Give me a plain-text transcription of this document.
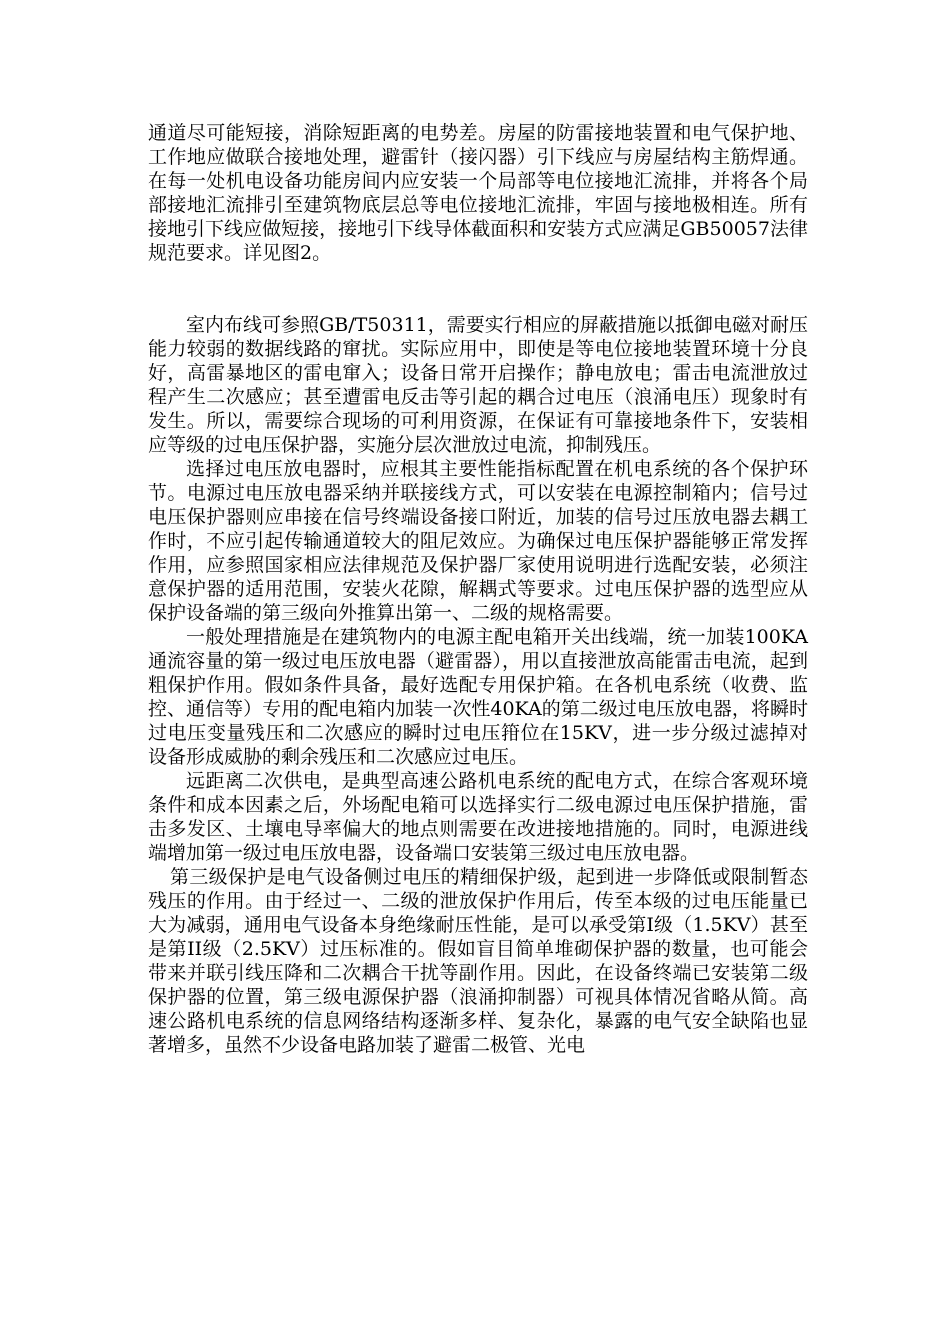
通道尽可能短接，消除短距离的电势差。房屋的防雷接地装置和电气保护地、工作地应做联合接地处理，避雷针（接闪器）引下线应与房屋结构主筋焊通。在每一处机电设备功能房间内应安装一个局部等电位接地汇流排，并将各个局部接地汇流排引至建筑物底层总等电位接地汇流排，牢固与接地极相连。所有接地引下线应做短接，接地引下线导体截面积和安装方式应满足GB50057法律规范要求。详见图2。

室内布线可参照GB/T50311，需要实行相应的屏蔽措施以抵御电磁对耐压能力较弱的数据线路的窜扰。实际应用中，即使是等电位接地装置环境十分良好，高雷暴地区的雷电窜入；设备日常开启操作；静电放电；雷击电流泄放过程产生二次感应；甚至遭雷电反击等引起的耦合过电压（浪涌电压）现象时有发生。所以，需要综合现场的可利用资源，在保证有可靠接地条件下，安装相应等级的过电压保护器，实施分层次泄放过电流，抑制残压。

选择过电压放电器时，应根其主要性能指标配置在机电系统的各个保护环节。电源过电压放电器采纳并联接线方式，可以安装在电源控制箱内；信号过电压保护器则应串接在信号终端设备接口附近，加装的信号过压放电器去耦工作时，不应引起传输通道较大的阻尼效应。为确保过电压保护器能够正常发挥作用，应参照国家相应法律规范及保护器厂家使用说明进行选配安装，必须注意保护器的适用范围，安装火花隙，解耦式等要求。过电压保护器的选型应从保护设备端的第三级向外推算出第一、二级的规格需要。

一般处理措施是在建筑物内的电源主配电箱开关出线端，统一加装100KA通流容量的第一级过电压放电器（避雷器），用以直接泄放高能雷击电流，起到粗保护作用。假如条件具备，最好选配专用保护箱。在各机电系统（收费、监控、通信等）专用的配电箱内加装一次性40KA的第二级过电压放电器，将瞬时过电压变量残压和二次感应的瞬时过电压箝位在15KV，进一步分级过滤掉对设备形成威胁的剩余残压和二次感应过电压。

远距离二次供电，是典型高速公路机电系统的配电方式，在综合客观环境条件和成本因素之后，外场配电箱可以选择实行二级电源过电压保护措施，雷击多发区、土壤电导率偏大的地点则需要在改进接地措施的。同时，电源进线端增加第一级过电压放电器，设备端口安装第三级过电压放电器。

第三级保护是电气设备侧过电压的精细保护级，起到进一步降低或限制暂态残压的作用。由于经过一、二级的泄放保护作用后，传至本级的过电压能量已大为减弱，通用电气设备本身绝缘耐压性能，是可以承受第Ⅰ级（1.5KV）甚至是第II级（2.5KV）过压标准的。假如盲目简单堆砌保护器的数量，也可能会带来并联引线压降和二次耦合干扰等副作用。因此，在设备终端已安装第二级保护器的位置，第三级电源保护器（浪涌抑制器）可视具体情况省略从简。高速公路机电系统的信息网络结构逐渐多样、复杂化，暴露的电气安全缺陷也显著增多，虽然不少设备电路加装了避雷二极管、光电
